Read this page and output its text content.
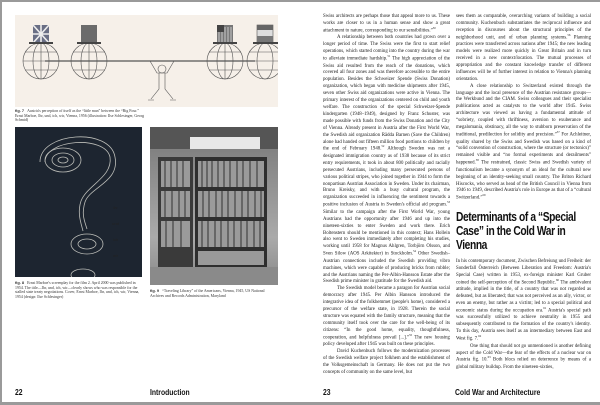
fig. 7 Austria's perception of itself as the “little man” between the “Big Four.” Ernst Marboe, Ihr, und, ich, wir, Vienna, 1956 (illustration: Ilse Schlesinger, Georg Schmid)
ihr
und
ich
wir
fig. 8 Ernst Marboe's screenplay for the film 2. April 2000 was published in 1954. The title—Ihr, und, ich, wir—clearly shows who was responsible for the stalled state treaty negotiations. Cover, Ernst Marboe, Ihr, und, ich, wir, Vienna, 1954 (design: Ilse Schlesinger)
fig. 9 “Traveling Library” of the Americans, Vienna, 1945, US National Archives and Records Administration, Maryland
22	Introduction	23	Cold War and Architecture

Swiss architects are perhaps those that appeal more to us. These works are closer to us in a human sense and show a great attachment to nature, corresponding to our sensibilities.”$^{50}$

A relationship between both countries had grown over a longer period of time. The Swiss were the first to start relief operations, which started coming into the country during the war to alleviate immediate hardship.$^{51}$ The high appreciation of the Swiss aid resulted from the reach of the donations, which covered all four zones and was therefore accessible to the entire population. Besides the Schweizer Spende (Swiss Donation) organization, which began with medicine shipments after 1945, seven other Swiss aid organizations were active in Vienna. The primary interest of the organizations centered on child and youth welfare. The construction of the special Schweizer-Spende kindergarten (1948–1949), designed by Franz Schuster, was made possible with funds from the Swiss Donation and the City of Vienna. Already present in Austria after the First World War, the Swedish aid organization Rädda Barnen (Save the Children) alone had handed out fifteen million food portions to children by the end of February 1948.52 Although Sweden was not a designated immigration country as of 1938 because of its strict entry requirements, it took in about 800 politically and racially persecuted Austrians, including many persecuted persons of various political stripes, who joined together in 1944 to form the nonpartisan Austrian Association in Sweden. Under its chairman, Bruno Kreisky, and with a busy cultural program, the organization succeeded in influencing the sentiment towards a positive inclusion of Austria in Sweden's official aid program.$^{53}$ Similar to the campaign after the First World War, young Austrians had the opportunity after 1946 and up into the nineteen-sixties to enter Sweden and work there. Erich Boltenstern should be mentioned in this context; Hans Hollein also went to Sweden immediately after completing his studies, working until 1958 for Magnus Ahlgren, Torbjörn Olsson, and Sven Silow (AOS Arkitekter) in Stockholm.$^{54}$ Other Swedish–Austrian connections included the Swedish providing vibro machines, which were capable of producing bricks from rubble; and the Austrians naming the Per-Albin-Hansson Estate after the Swedish prime minister in gratitude for the Swedish aid.

The Swedish model became a paragon for Austrian social democracy after 1945. Per Albin Hansson introduced the integrative idea of the folkhemmet (people's home), considered a precursor of the welfare state, in 1928. Therein the social structure was equated with the family structure, meaning that the community itself took over the care for the well-being of its citizens: “In the good home, equality, thoughtfulness, cooperation, and helpfulness prevail [...].”$^{55}$ The new housing policy developed after 1945 was built on these principles.

David Kuchenbuch follows the modernization processes of the Swedish welfare project folkhem and the establishment of the Volksgemeinschaft in Germany. He does not put the two concepts of community on the same level, but

sees them as comparable, overarching variants of building a social community. Kuchenbuch substantiates the reciprocal influence and reception in discourses about the structural principles of the neighborhood unit, and of urban planning systems.$^{56}$ Planning practices were transferred across nations after 1945; the new leading models were realized more quickly in Great Britain and in turn received in a new context/location. The mutual processes of appropriation and the constant knowledge transfer of different influences will be of further interest in relation to Vienna's planning orientation.

A close relationship to Switzerland existed through the language and the local presence of the Austrian resistance groups—the Werkbund and the CIAM. Swiss colleagues and their specialist publications acted as catalysts to the world after 1945. Swiss architecture was viewed as having a fundamental attitude of “sobriety, coupled with thriftiness, aversion to exuberance and megalomania, obstinacy, all the way to stubborn preservation of the traditional, predilection for solidity and precision.”$^{57}$ For Achleitner, quality shared by the Swiss and Swedish was based on a kind of “solid convention of construction, where the structure (or tectonics)” remained visible and “no formal experiments and derailments” happened.$^{58}$ The restrained, classic Swiss and Swedish variety of functionalism became a synonym of an ideal for the cultural new beginning of an identity-seeking small country. The Briton Richard Hiscocks, who served as head of the British Council in Vienna from 1946 to 1949, described Austria's role in Europe as that of a “cultural Switzerland.”$^{59}$

Determinants of a “Special Case” in the Cold War in Vienna

In his contemporary document, Zwischen Befreiung und Freiheit: der Sonderfall Österreich (Between Liberation and Freedom: Austria's Special Case) written in 1953, ex-foreign minister Karl Gruber coined the self-perception of the Second Republic.$^{60}$ The ambivalent attitude, implied in the title, of a country that was not regarded as defeated, but as liberated; that was not perceived as an ally, victor, or even an enemy, but rather as a victim; led to a special political and economic status during the occupation era.$^{61}$ Austria's special path was successfully utilized to achieve neutrality in 1955 and subsequently contributed to the formation of the country's identity. To this day, Austria sees itself as an intermediary between East and West fig. 7.62

One thing that should not go unmentioned is another defining aspect of the Cold War—the fear of the effects of a nuclear war on Austria fig. 10.63 Both blocs relied on deterrence by means of a global military buildup. From the nineteen-sixties,
